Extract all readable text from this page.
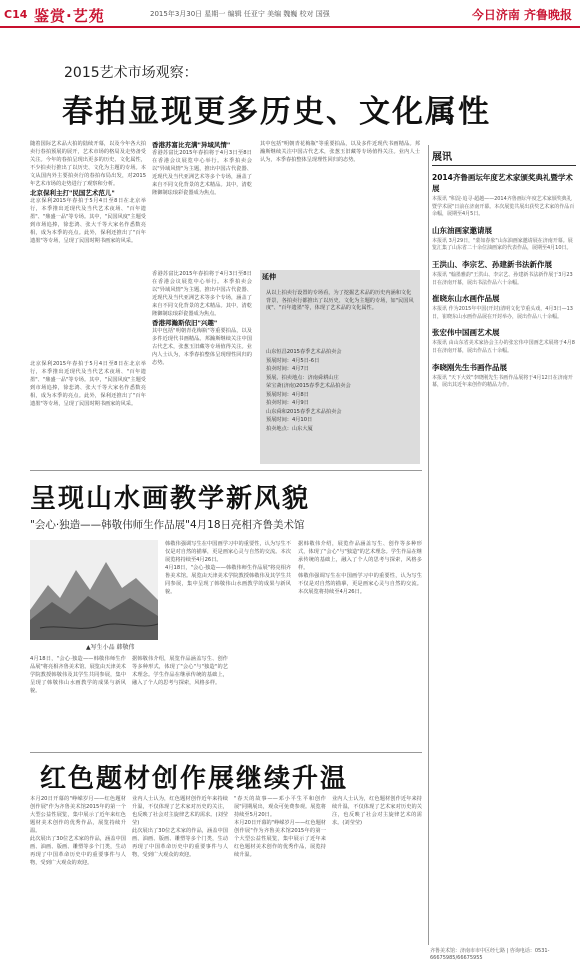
C14 鉴赏·艺苑	2015年3月30日 星期一 编辑 任亚宁 美编 魏巍 校对 国强	今日济南 齐鲁晚报
2015艺术市场观察：
春拍显现更多历史、文化属性
随着国际艺术品大拍的陆续开幕，以及今年各大拍卖行春拍预展的展开，艺术市场的格局及走势备受关注。今年的春拍呈现出更多的历史、文化属性，不少拍卖行推出了以历史、文化为主题的专场。本文从国内外主要拍卖行的春拍布局出发，对2015年艺术市场的走势进行了观察和分析。
北京保利主打"民国艺术范儿"
北京保利2015年春拍于5月4日至8日在北京举行，本季推出近现代及当代艺术夜场、"百年遗墨"、"鼎盛一品"等专场。其中，"民国风度"主题受到市场追捧，徐悲鸿、张大千等大家名作悉数亮相，成为本季的亮点。此外，保利还推出了"百年遗墨"等专场，呈现了民国时期书画家的风采。
北京保利2015年春拍于5月4日至8日在北京举行，本季推出近现代及当代艺术夜场、"百年遗墨"、"鼎盛一品"等专场。其中，"民国风度"主题受到市场追捧，徐悲鸿、张大千等大家名作悉数亮相，成为本季的亮点。此外，保利还推出了"百年遗墨"等专场，呈现了民国时期书画家的风采。
香港苏富比充满"异域风情"
香港苏富比2015年春拍将于4月3日至8日在香港会议展览中心举行。本季拍卖会以"异域风情"为主题，推出中国古代瓷器、近现代及当代亚洲艺术等多个专场，涵盖了来自不同文化背景的艺术精品。其中，清乾隆御制珐琅彩瓷器成为焦点。
香港苏富比2015年春拍将于4月3日至8日在香港会议展览中心举行。本季拍卖会以"异域风情"为主题，推出中国古代瓷器、近现代及当代亚洲艺术等多个专场，涵盖了来自不同文化背景的艺术精品。其中，清乾隆御制珐琅彩瓷器成为焦点。
香港邦瀚斯依旧"兴趣"
其中包括"明朝青花梅瓶"等重要拍品，以及多件近现代书画精品。邦瀚斯继续关注中国古代艺术，张葱玉旧藏等专场值得关注。业内人士认为，本季春拍整体呈现理性回归的态势。
其中包括"明朝青花梅瓶"等重要拍品，以及多件近现代书画精品。邦瀚斯继续关注中国古代艺术，张葱玉旧藏等专场值得关注。业内人士认为，本季春拍整体呈现理性回归的态势。
延伸
从以上拍卖行设置的专场看，为了挖掘艺术品的历史内涵和文化背景，各拍卖行都推出了以历史、文化为主题的专场，如"民国风度"、"百年遗墨"等，体现了艺术品的文化属性。
山东恒昌2015春季艺术品拍卖会
预展时间：4月5日-6日
拍卖时间：4月7日
预展、拍卖地点：济南舜耕山庄
荣宝斋(济南)2015春季艺术品拍卖会
预展时间：4月8日
拍卖时间：4月9日
山东舜和2015春季艺术品拍卖会
预展时间：4月10日
拍卖地点：山东大厦
展讯
2014齐鲁画坛年度艺术家颁奖典礼暨学术展
本报讯 "积淀·追寻·超越——2014齐鲁画坛年度艺术家颁奖典礼暨学术展"日前在济南开幕。本次展览共展出获奖艺术家的作品百余幅，展期至4月5日。
山东油画家邀请展
本报讯 3月29日，"蒙如春象"山东油画家邀请展在济南开幕。展览汇集了山东省二十余位油画家的代表作品，展期至4月10日。
王洪山、李宗艺、孙建新书法新作展
本报讯 "翰墨雅韵"王洪山、李宗艺、孙建新书法新作展于3月23日在济南开幕，展出书法作品六十余幅。
崔晓东山水画作品展
本报讯 作为2015年中国(开封)清明文化节重头戏，4月3日—13日，崔晓东山水画作品展在开封举办，展出作品八十余幅。
张宏伟中国画艺术展
本报讯 由山东省美术家协会主办的张宏伟中国画艺术展将于4月8日在济南开幕，展出作品五十余幅。
李晓刚先生书画作品展
本报讯 "天下大效"李晓刚先生书画作品展将于4月12日在济南开幕，展出其近年来创作的精品力作。
呈现山水画教学新风貌
"会心·独造——韩敬伟师生作品展"4月18日亮相齐鲁美术馆
▲写生小品 韩敬伟
4月18日，"会心·独造——韩敬伟师生作品展"将亮相齐鲁美术馆。展览由天津美术学院教授韩敬伟及其学生共同参展，集中呈现了韩敬伟山水画教学的成果与新风貌。
据韩敬伟介绍，展览作品涵盖写生、创作等多种形式，体现了"会心"与"独造"的艺术理念。学生作品在继承传统的基础上，融入了个人的思考与探索，风格多样。
韩敬伟强调写生在中国画学习中的重要性，认为写生不仅是对自然的描摹，更是画家心灵与自然的交流。本次展览将持续至4月26日。
4月18日，"会心·独造——韩敬伟师生作品展"将亮相齐鲁美术馆。展览由天津美术学院教授韩敬伟及其学生共同参展，集中呈现了韩敬伟山水画教学的成果与新风貌。
据韩敬伟介绍，展览作品涵盖写生、创作等多种形式，体现了"会心"与"独造"的艺术理念。学生作品在继承传统的基础上，融入了个人的思考与探索，风格多样。
韩敬伟强调写生在中国画学习中的重要性，认为写生不仅是对自然的描摹，更是画家心灵与自然的交流。本次展览将持续至4月26日。
红色题材创作展继续升温
本月20日开幕的"峥嵘岁月——红色题材创作展"作为齐鲁美术馆2015年的第一个大型公益性展览，集中展示了近年来红色题材美术创作的优秀作品，展览持续升温。
此次展出了30位艺术家的作品，涵盖中国画、油画、版画、雕塑等多个门类，生动再现了中国革命历史中的重要事件与人物，受到广大观众的欢迎。
业内人士认为，红色题材创作近年来持续升温，不仅体现了艺术家对历史的关注，也反映了社会对主旋律艺术的需求。(刘莹莹)
此次展出了30位艺术家的作品，涵盖中国画、油画、版画、雕塑等多个门类，生动再现了中国革命历史中的重要事件与人物，受到广大观众的欢迎。
"春天的故事——邓小平生平和创作展"同期展出，观众可免费参观。展览将持续至5月20日。
本月20日开幕的"峥嵘岁月——红色题材创作展"作为齐鲁美术馆2015年的第一个大型公益性展览，集中展示了近年来红色题材美术创作的优秀作品，展览持续升温。
业内人士认为，红色题材创作近年来持续升温，不仅体现了艺术家对历史的关注，也反映了社会对主旋律艺术的需求。(刘莹莹)
齐鲁美术馆：济南市市中区经七路 | 咨询电话：0531-66675985/66675955
